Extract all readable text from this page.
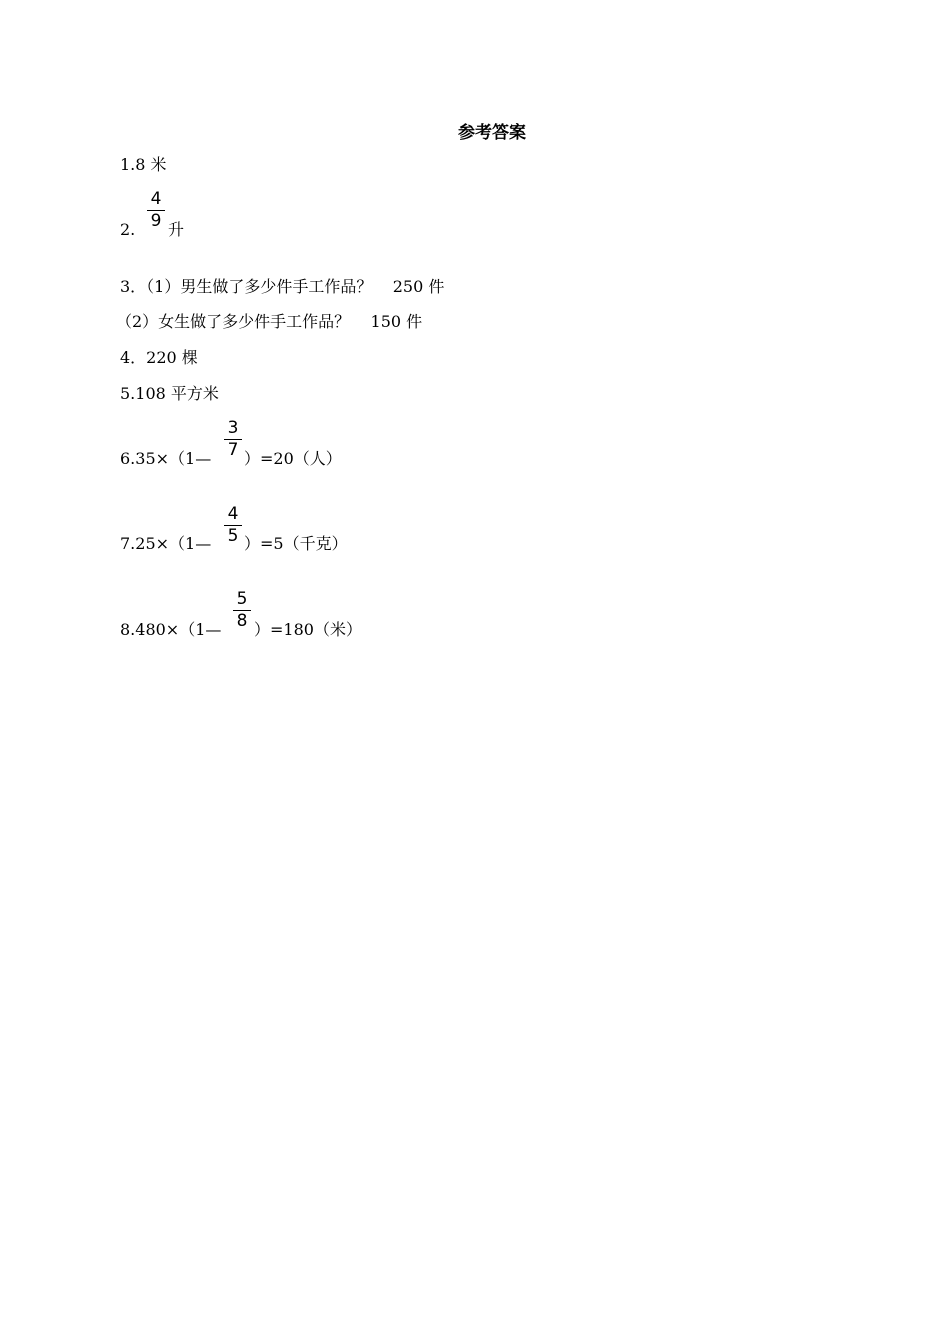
参考答案
1.8 米
2.
4
9 升
3．（1）男生做了多少件手工作品？    250 件
（2）女生做了多少件手工作品？    150 件
4．220 棵
5.108 平方米
6.35×（1—
3
7 ）=20（人）
7.25×（1—
4
5 ）=5（千克）
8.480×（1—
5
8 ）=180（米）
